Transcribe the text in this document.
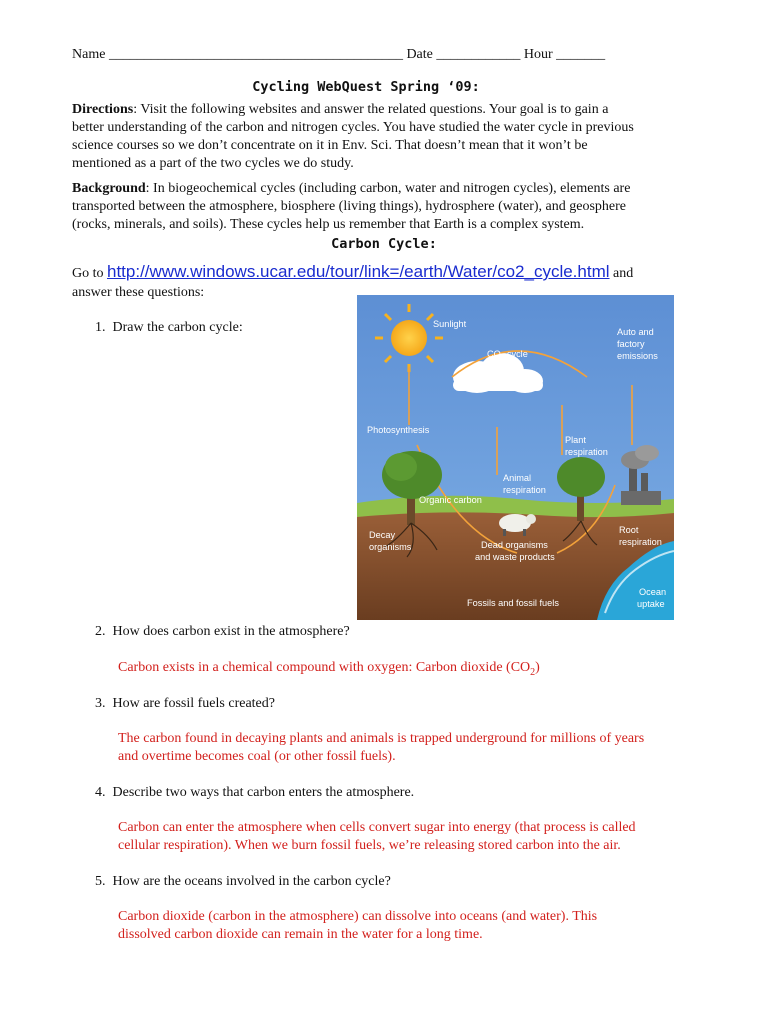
Name __________________________________________ Date ____________ Hour _______
Cycling WebQuest Spring ‘09:
Directions: Visit the following websites and answer the related questions. Your goal is to gain a
better understanding of the carbon and nitrogen cycles. You have studied the water cycle in previous
science courses so we don’t concentrate on it in Env. Sci. That doesn’t mean that it won’t be
mentioned as a part of the two cycles we do study.
Background: In biogeochemical cycles (including carbon, water and nitrogen cycles), elements are
transported between the atmosphere, biosphere (living things), hydrosphere (water), and geosphere
(rocks, minerals, and soils). These cycles help us remember that Earth is a complex system.
Carbon Cycle:
Go to http://www.windows.ucar.edu/tour/link=/earth/Water/co2_cycle.html and
answer these questions:
1. Draw the carbon cycle:	Sunlight
CO₂ cycle
Auto and
factory
emissions
Photosynthesis
Plant
respiration
Animal
respiration
Organic carbon
Decay
organisms	Dead organisms
and waste products
Root
respiration
Ocean
uptake
Fossils and fossil fuels
2. How does carbon exist in the atmosphere?
Carbon exists in a chemical compound with oxygen: Carbon dioxide $(CO_2)$
3. How are fossil fuels created?
The carbon found in decaying plants and animals is trapped underground for millions of years
and overtime becomes coal (or other fossil fuels).
4. Describe two ways that carbon enters the atmosphere.
Carbon can enter the atmosphere when cells convert sugar into energy (that process is called
cellular respiration). When we burn fossil fuels, we’re releasing stored carbon into the air.
5. How are the oceans involved in the carbon cycle?
Carbon dioxide (carbon in the atmosphere) can dissolve into oceans (and water). This
dissolved carbon dioxide can remain in the water for a long time.
